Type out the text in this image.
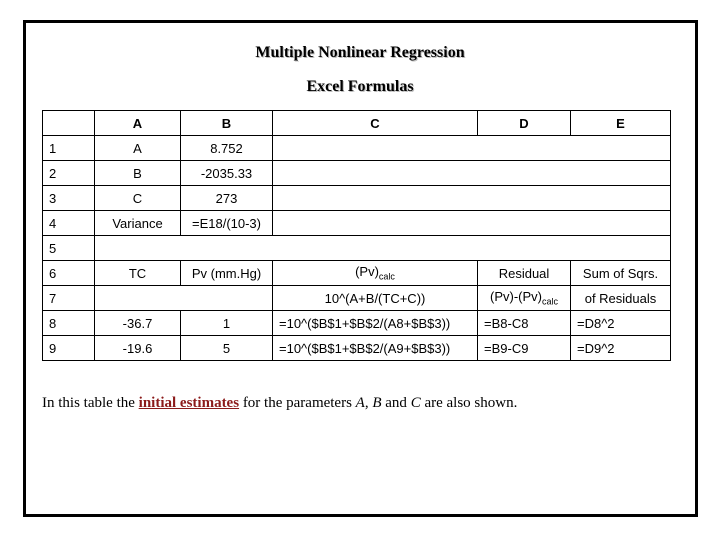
Multiple Nonlinear Regression
Excel Formulas
	A	B	C	D	E
1	A	8.752			
2	B	-2035.33			
3	C	273			
4	Variance	=E18/(10-3)			
5					
6	TC	Pv (mm.Hg)	$(Pv)_{calc}$	Residual	Sum of Sqrs.
7			10^(A+B/(TC+C))	$(Pv)-(Pv)_{calc}$	of Residuals
8	-36.7	1	=10^($B$1+$B$2/(A8+$B$3))	=B8-C8	=D8^2
9	-19.6	5	=10^($B$1+$B$2/(A9+$B$3))	=B9-C9	=D9^2
In this table the initial estimates for the parameters A, B and C are also shown.
